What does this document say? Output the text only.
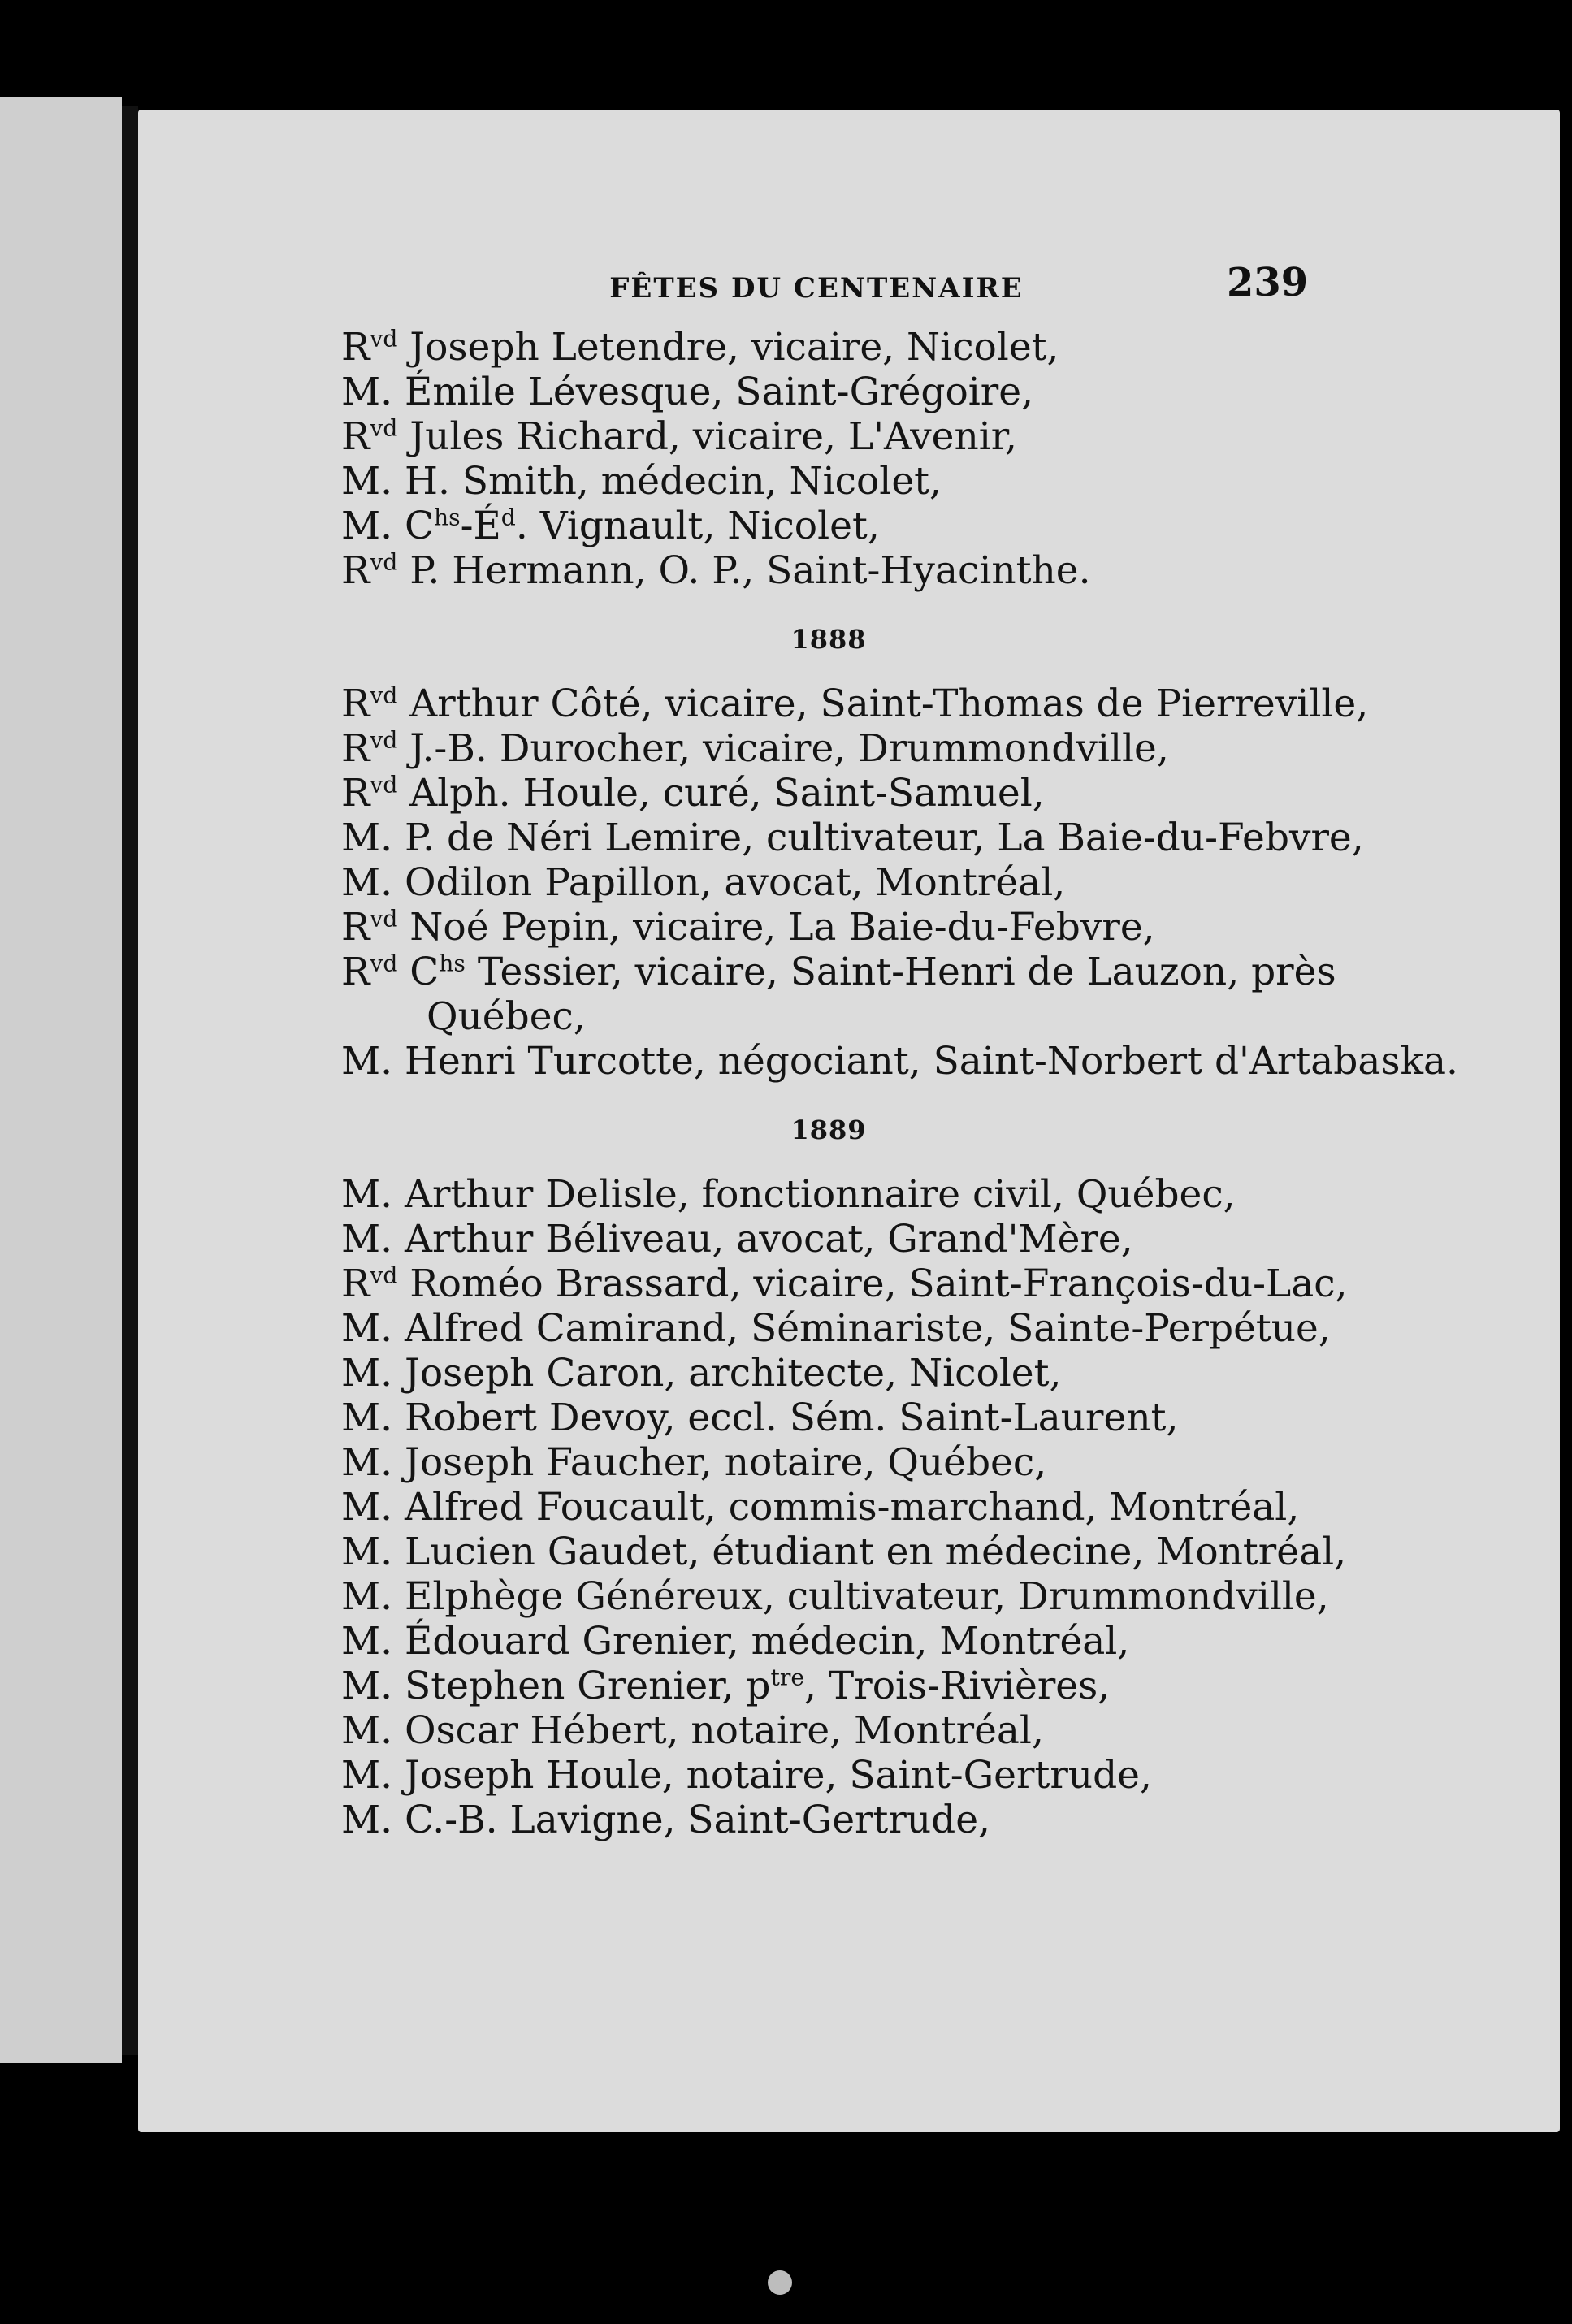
FÊTES DU CENTENAIRE	239
$R^{vd}$ Joseph Letendre, vicaire, Nicolet,
M. Émile Lévesque, Saint-Grégoire,
$R^{vd}$ Jules Richard, vicaire, L'Avenir,
M. H. Smith, médecin, Nicolet,
M. $C^{hs}-É^d$. Vignault, Nicolet,
$R^{vd}$ P. Hermann, O. P., Saint-Hyacinthe.
1888
$R^{vd}$ Arthur Côté, vicaire, Saint-Thomas de Pierreville,
$R^{vd}$ J.-B. Durocher, vicaire, Drummondville,
$R^{vd}$ Alph. Houle, curé, Saint-Samuel,
M. P. de Néri Lemire, cultivateur, La Baie-du-Febvre,
M. Odilon Papillon, avocat, Montréal,
$R^{vd}$ Noé Pepin, vicaire, La Baie-du-Febvre,
$R^{vd}$ $C^{hs}$ Tessier, vicaire, Saint-Henri de Lauzon, près
Québec,
M. Henri Turcotte, négociant, Saint-Norbert d'Artabaska.
1889
M. Arthur Delisle, fonctionnaire civil, Québec,
M. Arthur Béliveau, avocat, Grand'Mère,
$R^{vd}$ Roméo Brassard, vicaire, Saint-François-du-Lac,
M. Alfred Camirand, Séminariste, Sainte-Perpétue,
M. Joseph Caron, architecte, Nicolet,
M. Robert Devoy, eccl. Sém. Saint-Laurent,
M. Joseph Faucher, notaire, Québec,
M. Alfred Foucault, commis-marchand, Montréal,
M. Lucien Gaudet, étudiant en médecine, Montréal,
M. Elphège Généreux, cultivateur, Drummondville,
M. Édouard Grenier, médecin, Montréal,
M. Stephen Grenier, $p^{tre}$, Trois-Rivières,
M. Oscar Hébert, notaire, Montréal,
M. Joseph Houle, notaire, Saint-Gertrude,
M. C.-B. Lavigne, Saint-Gertrude,
